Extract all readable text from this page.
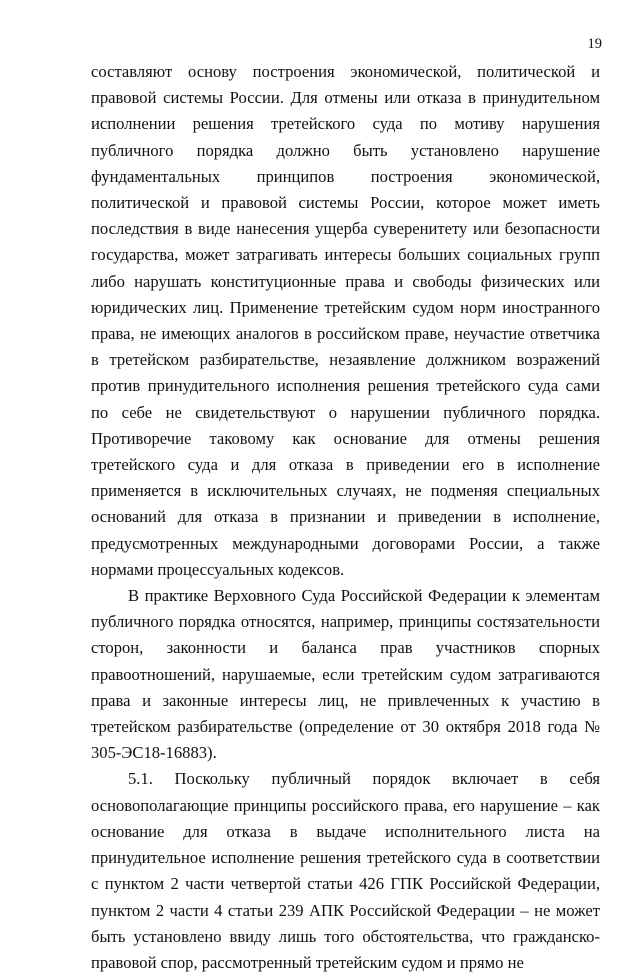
19

составляют основу построения экономической, политической и правовой системы России. Для отмены или отказа в принудительном исполнении решения третейского суда по мотиву нарушения публичного порядка должно быть установлено нарушение фундаментальных принципов построения экономической, политической и правовой системы России, которое может иметь последствия в виде нанесения ущерба суверенитету или безопасности государства, может затрагивать интересы больших социальных групп либо нарушать конституционные права и свободы физических или юридических лиц. Применение третейским судом норм иностранного права, не имеющих аналогов в российском праве, неучастие ответчика в третейском разбирательстве, незаявление должником возражений против принудительного исполнения решения третейского суда сами по себе не свидетельствуют о нарушении публичного порядка. Противоречие таковому как основание для отмены решения третейского суда и для отказа в приведении его в исполнение применяется в исключительных случаях, не подменяя специальных оснований для отказа в признании и приведении в исполнение, предусмотренных международными договорами России, а также нормами процессуальных кодексов.

В практике Верховного Суда Российской Федерации к элементам публичного порядка относятся, например, принципы состязательности сторон, законности и баланса прав участников спорных правоотношений, нарушаемые, если третейским судом затрагиваются права и законные интересы лиц, не привлеченных к участию в третейском разбирательстве (определение от 30 октября 2018 года № 305-ЭС18-16883).

5.1. Поскольку публичный порядок включает в себя основополагающие принципы российского права, его нарушение – как основание для отказа в выдаче исполнительного листа на принудительное исполнение решения третейского суда в соответствии с пунктом 2 части четвертой статьи 426 ГПК Российской Федерации, пунктом 2 части 4 статьи 239 АПК Российской Федерации – не может быть установлено ввиду лишь того обстоятельства, что гражданско-правовой спор, рассмотренный третейским судом и прямо не
